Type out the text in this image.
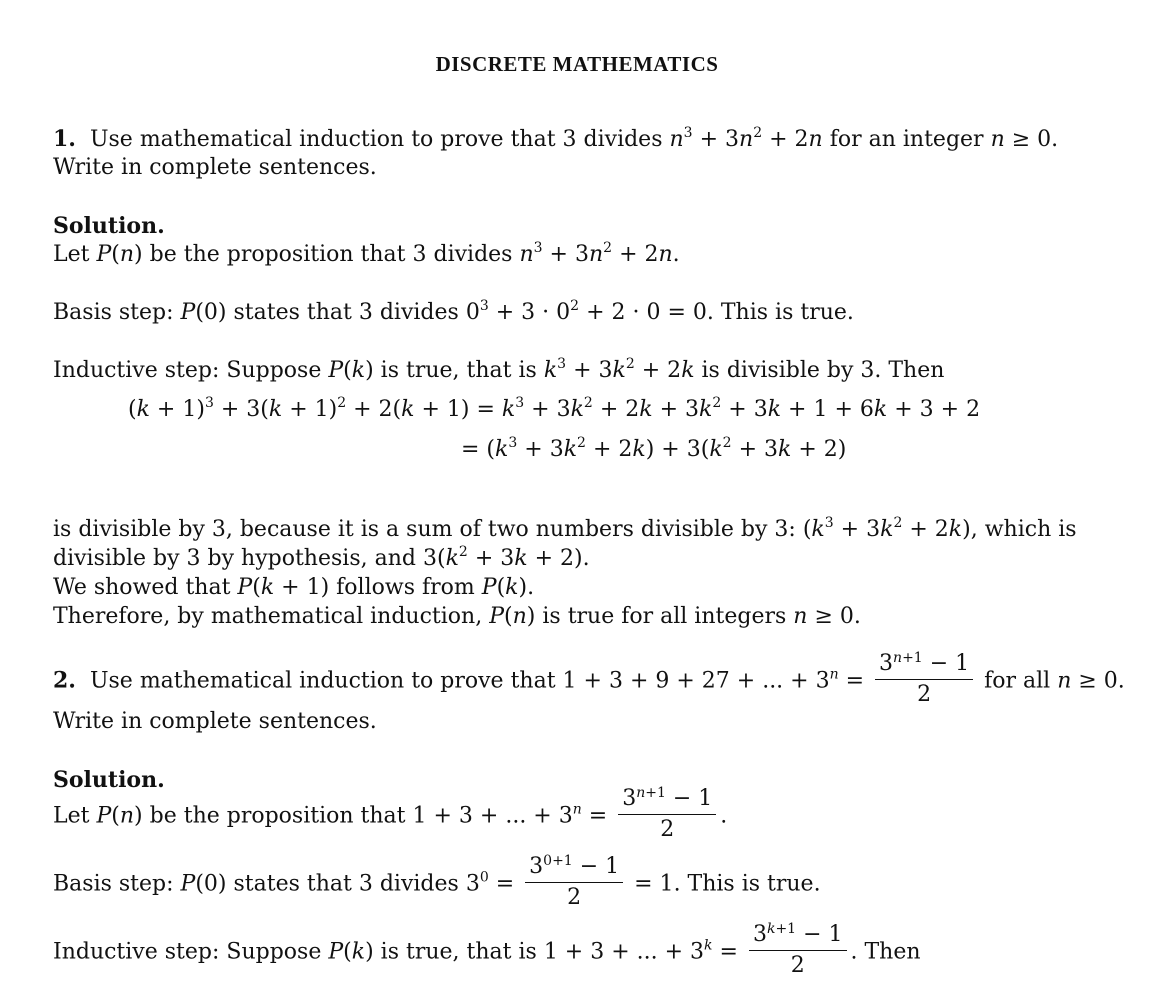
DISCRETE MATHEMATICS
1. Use mathematical induction to prove that 3 divides $n^3 + 3n^2 + 2n$ for an integer n ≥ 0.
Write in complete sentences.
Solution.
Let P(n) be the proposition that 3 divides $n^3 + 3n^2 + 2n$.
Basis step: P(0) states that 3 divides $0^3 + 3 \cdot 0^2 + 2 \cdot 0 = 0$. This is true.
Inductive step: Suppose P(k) is true, that is $k^3 + 3k^2 + 2k$ is divisible by 3. Then
$(k + 1)^3 + 3(k + 1)^2 + 2(k + 1) = k^3 + 3k^2 + 2k + 3k^2 + 3k + 1 + 6k + 3 + 2$
= $(k^3 + 3k^2 + 2k) + 3(k^2 + 3k + 2)$
is divisible by 3, because it is a sum of two numbers divisible by 3: $(k^3 + 3k^2 + 2k)$, which is
divisible by 3 by hypothesis, and $3(k^2 + 3k + 2)$.
We showed that P(k + 1) follows from P(k).
Therefore, by mathematical induction, P(n) is true for all integers n ≥ 0.
2. Use mathematical induction to prove that 1 + 3 + 9 + 27 + ... + $3^n = \frac{3^{n+1} - 1}{2}$ for all n ≥ 0.
Write in complete sentences.
Solution.
Let P(n) be the proposition that 1 + 3 + ... + $3^n = \frac{3^{n+1} - 1}{2}$ .
Basis step: P(0) states that 3 divides $3^0 = \frac{3^{0+1} - 1}{2} = 1$. This is true.
Inductive step: Suppose P(k) is true, that is 1 + 3 + ... + $3^k = \frac{3^{k+1} - 1}{2}$ . Then
